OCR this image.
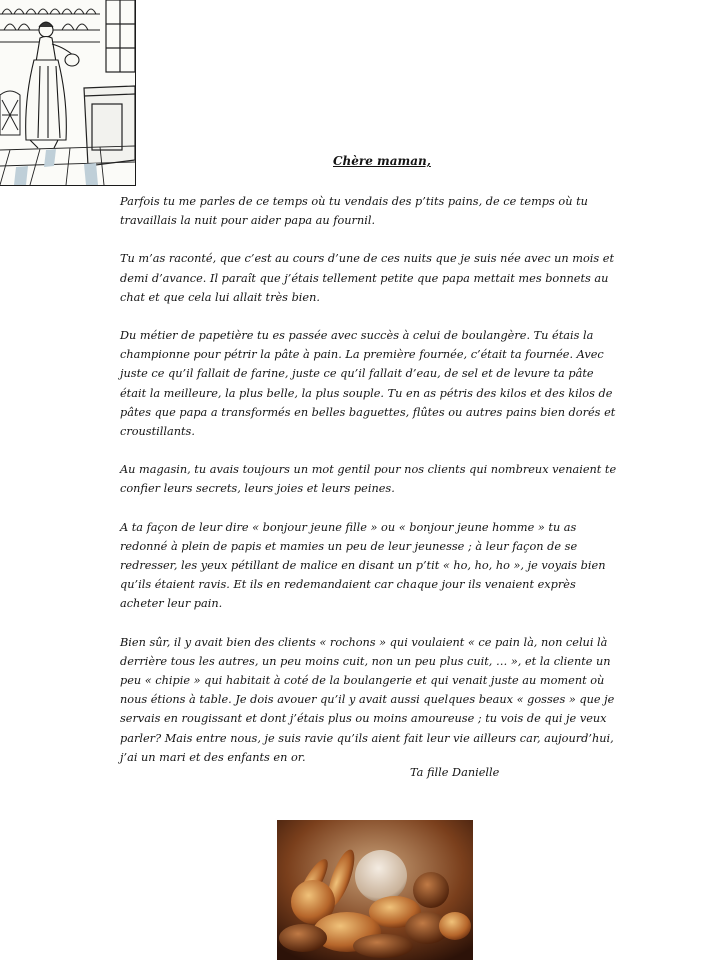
Chère maman,

Parfois tu me parles de ce temps où tu vendais des p’tits pains, de ce temps où tu travaillais la nuit pour aider papa au fournil.

Tu m’as raconté, que c’est au cours d’une de ces nuits que je suis née avec un mois et demi d’avance. Il paraît que j’étais tellement petite que papa mettait mes bonnets au chat et que cela lui allait très bien.

Du métier de papetière tu es passée avec succès à celui de boulangère. Tu étais la championne pour pétrir la pâte à pain. La première fournée, c’était ta fournée. Avec juste ce qu’il fallait de farine, juste ce qu’il fallait d’eau, de sel et de levure ta pâte était la meilleure, la plus belle, la plus souple. Tu en as pétris des kilos et des kilos de pâtes que papa a transformés en belles baguettes, flûtes ou autres pains bien dorés et croustillants.

Au magasin, tu avais toujours un mot gentil pour nos clients qui nombreux venaient te confier leurs secrets, leurs joies et leurs peines.

A ta façon de leur dire « bonjour jeune fille » ou « bonjour jeune homme » tu as redonné à plein de papis et mamies un peu de leur jeunesse ; à leur façon de se redresser, les yeux pétillant de malice en disant un p’tit « ho, ho, ho », je voyais bien qu’ils étaient ravis. Et ils en redemandaient car chaque jour ils venaient exprès acheter leur pain.

Bien sûr, il y avait bien des clients « rochons » qui voulaient « ce pain là, non celui là derrière tous les autres, un peu moins cuit, non un peu plus cuit, … », et la cliente un peu « chipie » qui habitait à coté de la boulangerie et qui venait juste au moment où nous étions à table. Je dois avouer qu’il y avait aussi quelques beaux « gosses » que je servais en rougissant et dont j’étais plus ou moins amoureuse ; tu vois de qui je veux parler? Mais entre nous, je suis ravie qu’ils aient fait leur vie ailleurs car, aujourd’hui, j’ai un mari et des enfants en or.

Ta fille Danielle
